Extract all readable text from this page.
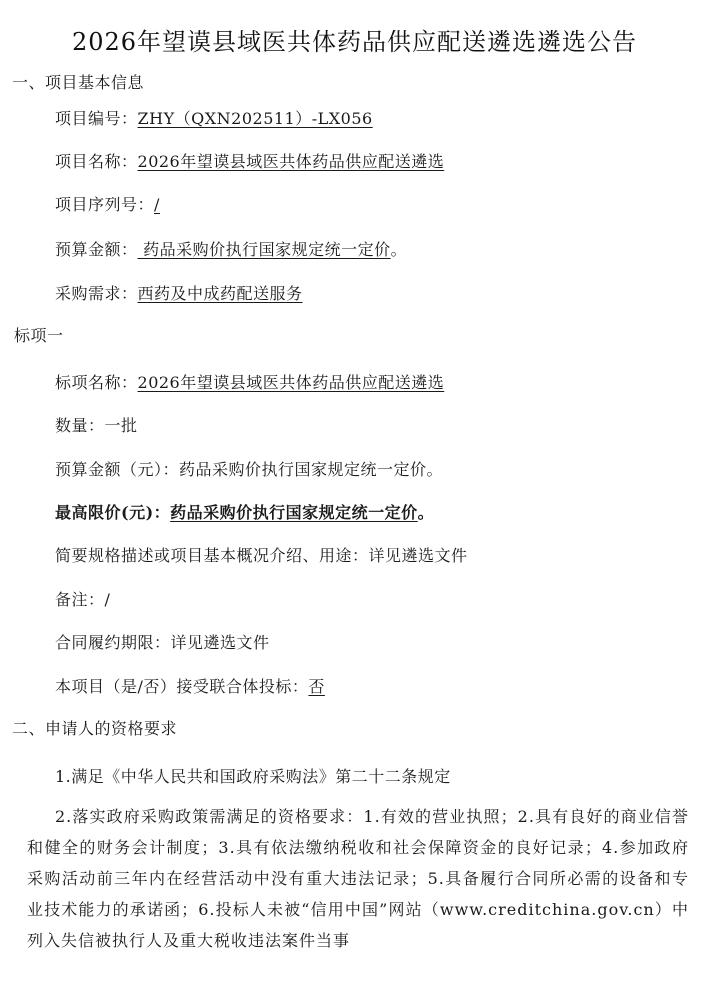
2026年望谟县域医共体药品供应配送遴选遴选公告
一、项目基本信息
项目编号：ZHY（QXN202511）-LX056
项目名称：2026年望谟县域医共体药品供应配送遴选
项目序列号：/
预算金额： 药品采购价执行国家规定统一定价。
采购需求：西药及中成药配送服务
标项一
标项名称：2026年望谟县域医共体药品供应配送遴选
数量：一批
预算金额（元）：药品采购价执行国家规定统一定价。
最高限价(元)：药品采购价执行国家规定统一定价。
简要规格描述或项目基本概况介绍、用途：详见遴选文件
备注：/
合同履约期限：详见遴选文件
本项目（是/否）接受联合体投标：否
二、申请人的资格要求
1.满足《中华人民共和国政府采购法》第二十二条规定
2.落实政府采购政策需满足的资格要求：1.有效的营业执照；2.具有良好的商业信誉和健全的财务会计制度；3.具有依法缴纳税收和社会保障资金的良好记录；4.参加政府采购活动前三年内在经营活动中没有重大违法记录；5.具备履行合同所必需的设备和专业技术能力的承诺函；6.投标人未被“信用中国”网站（www.creditchina.gov.cn）中列入失信被执行人及重大税收违法案件当事
